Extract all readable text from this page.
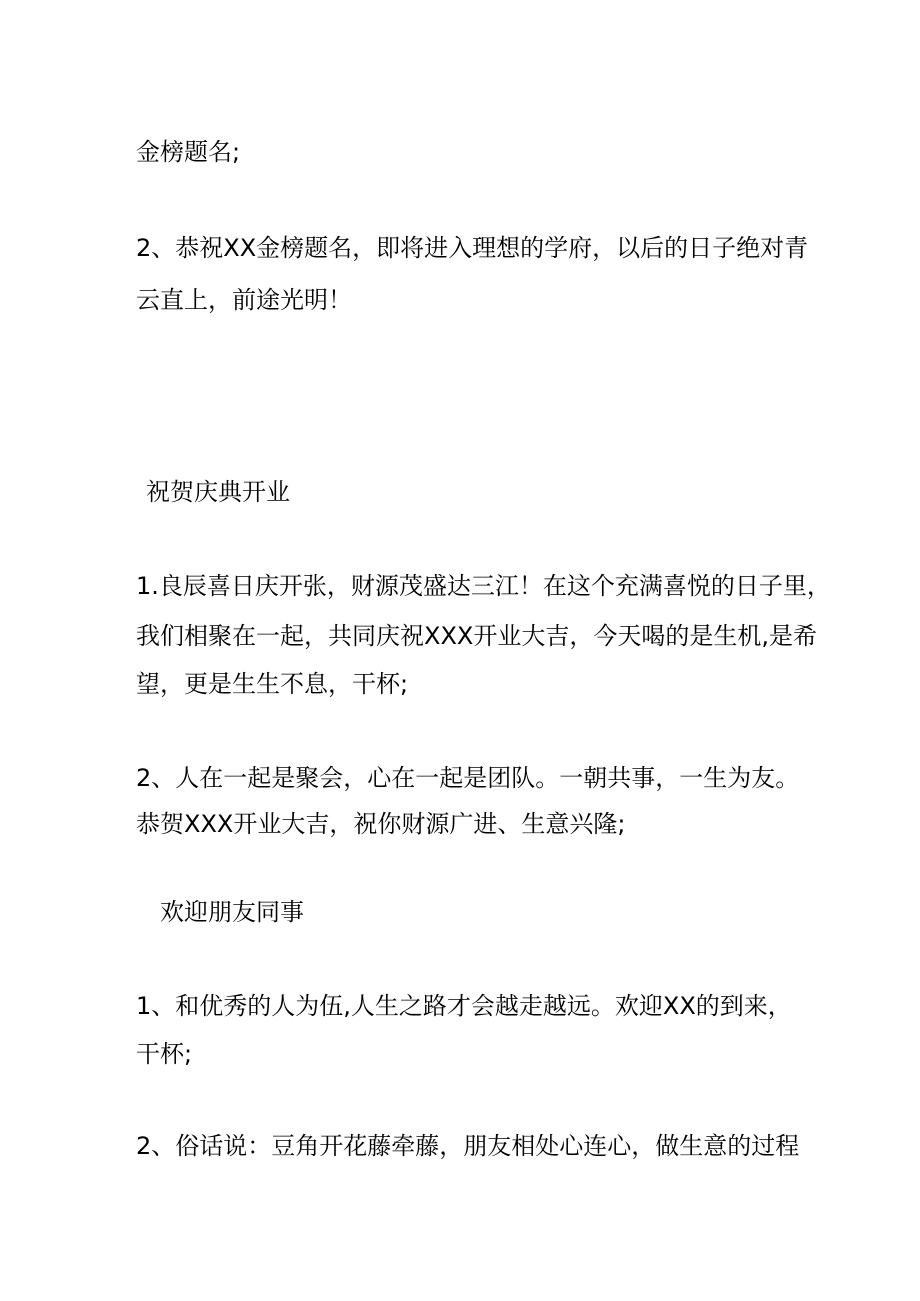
金榜题名;
2、恭祝XX金榜题名，即将进入理想的学府，以后的日子绝对青
云直上，前途光明！
祝贺庆典开业
1.良辰喜日庆开张，财源茂盛达三江！在这个充满喜悦的日子里，
我们相聚在一起，共同庆祝XXX开业大吉，今天喝的是生机,是希
望，更是生生不息，干杯;
2、人在一起是聚会，心在一起是团队。一朝共事，一生为友。
恭贺XXX开业大吉，祝你财源广进、生意兴隆;
欢迎朋友同事
1、和优秀的人为伍,人生之路才会越走越远。欢迎XX的到来，
干杯;
2、俗话说：豆角开花藤牵藤，朋友相处心连心，做生意的过程
